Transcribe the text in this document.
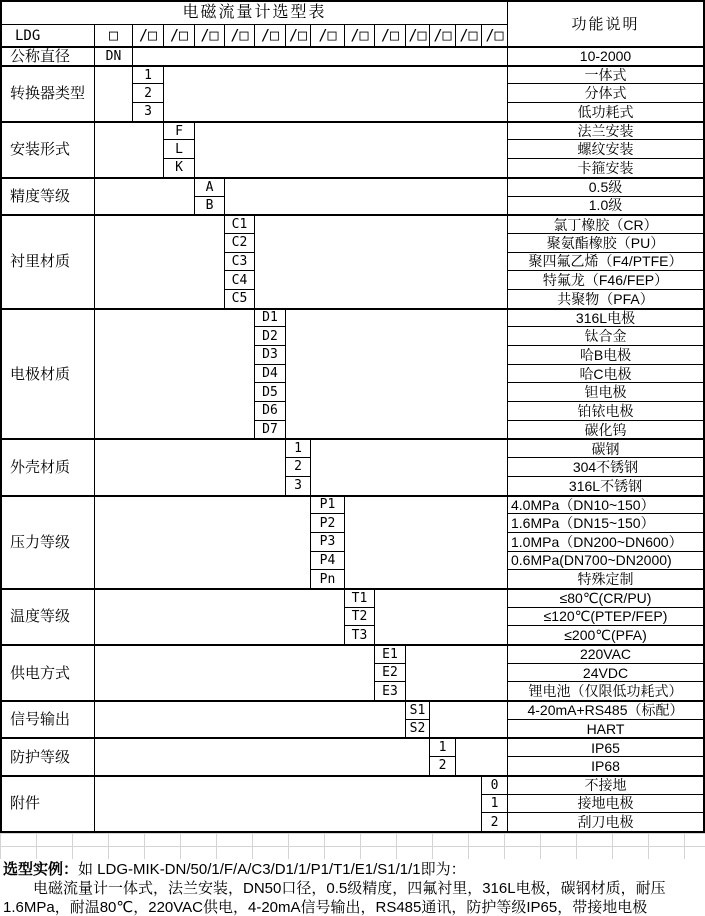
电磁流量计选型表
功能说明
LDG	□	/□ /□ /□ /□ /□ /□ /□ /□ /□ /□ /□ /□ /□
公称直径	DN	10-2000
转换器类型
1	一体式
2	分体式
3	低功耗式
安装形式
F	法兰安装
L	螺纹安装
K	卡箍安装
精度等级
A	0.5级
B	1.0级
衬里材质
C1	氯丁橡胶（CR）
C2	聚氨酯橡胶（PU）
C3	聚四氟乙烯（F4/PTFE）
C4	特氟龙（F46/FEP）
C5	共聚物（PFA）
电极材质
D1	316L电极
D2	钛合金
D3	哈B电极
D4	哈C电极
D5	钽电极
D6	铂铱电极
D7	碳化钨
外壳材质
1	碳钢
2	304不锈钢
3	316L不锈钢
压力等级
P1	4.0MPa（DN10~150）
P2	1.6MPa（DN15~150）
P3	1.0MPa（DN200~DN600）
P4	0.6MPa(DN700~DN2000)
Pn	特殊定制
温度等级
T1	≤80℃(CR/PU)
T2	≤120℃(PTEP/FEP)
T3	≤200℃(PFA)
供电方式
E1	220VAC
E2	24VDC
E3	锂电池（仅限低功耗式）
信号输出
S1	4-20mA+RS485（标配）
S2	HART
防护等级
1	IP65
2	IP68
附件
0	不接地
1	接地电极
2	刮刀电极
选型实例：如 LDG-MIK-DN/50/1/F/A/C3/D1/1/P1/T1/E1/S1/1/1即为：
电磁流量计一体式，法兰安装，DN50口径，0.5级精度，四氟衬里，316L电极，碳钢材质，耐压
1.6MPa，耐温80℃，220VAC供电，4-20mA信号输出，RS485通讯，防护等级IP65，带接地电极
